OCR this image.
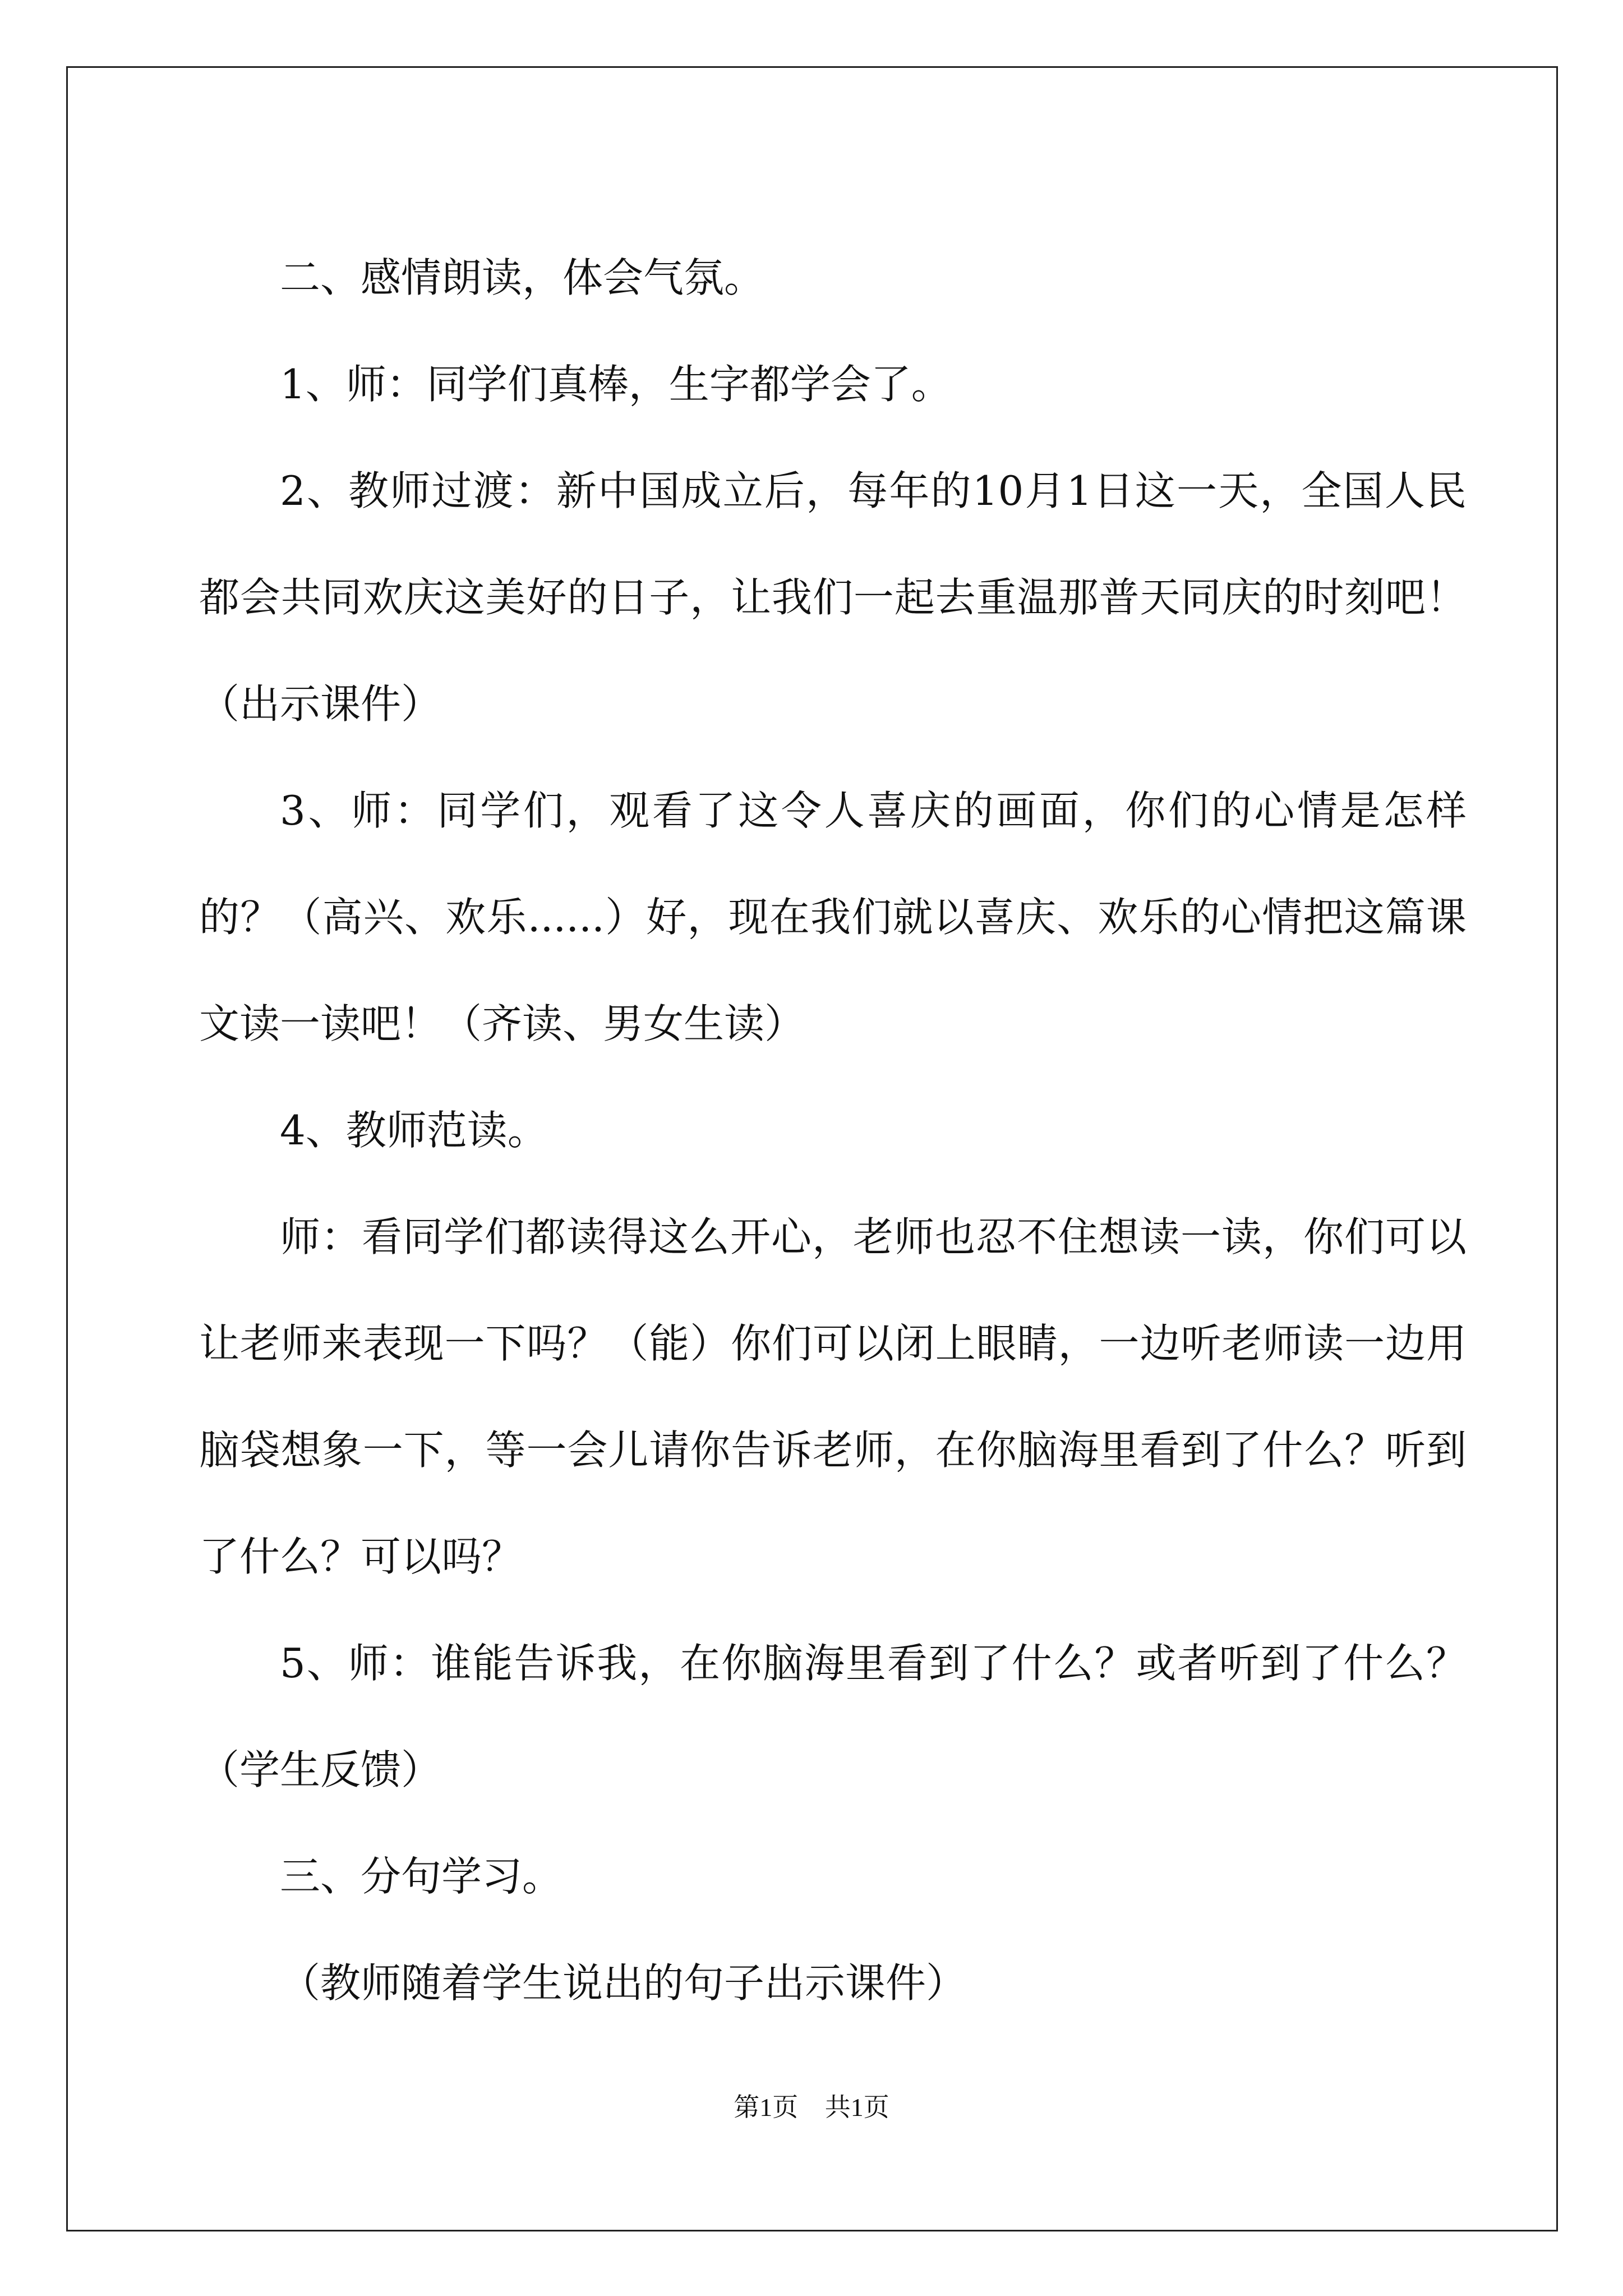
二、感情朗读，体会气氛。

1、师：同学们真棒，生字都学会了。

2、教师过渡：新中国成立后，每年的10月1日这一天，全国人民都会共同欢庆这美好的日子，让我们一起去重温那普天同庆的时刻吧！（出示课件）

3、师：同学们，观看了这令人喜庆的画面，你们的心情是怎样的？（高兴、欢乐......）好，现在我们就以喜庆、欢乐的心情把这篇课文读一读吧！（齐读、男女生读）

4、教师范读。

师：看同学们都读得这么开心，老师也忍不住想读一读，你们可以让老师来表现一下吗？（能）你们可以闭上眼睛，一边听老师读一边用脑袋想象一下，等一会儿请你告诉老师，在你脑海里看到了什么？听到了什么？可以吗？

5、师：谁能告诉我，在你脑海里看到了什么？或者听到了什么？（学生反馈）

三、分句学习。

（教师随着学生说出的句子出示课件）

第1页 共1页
